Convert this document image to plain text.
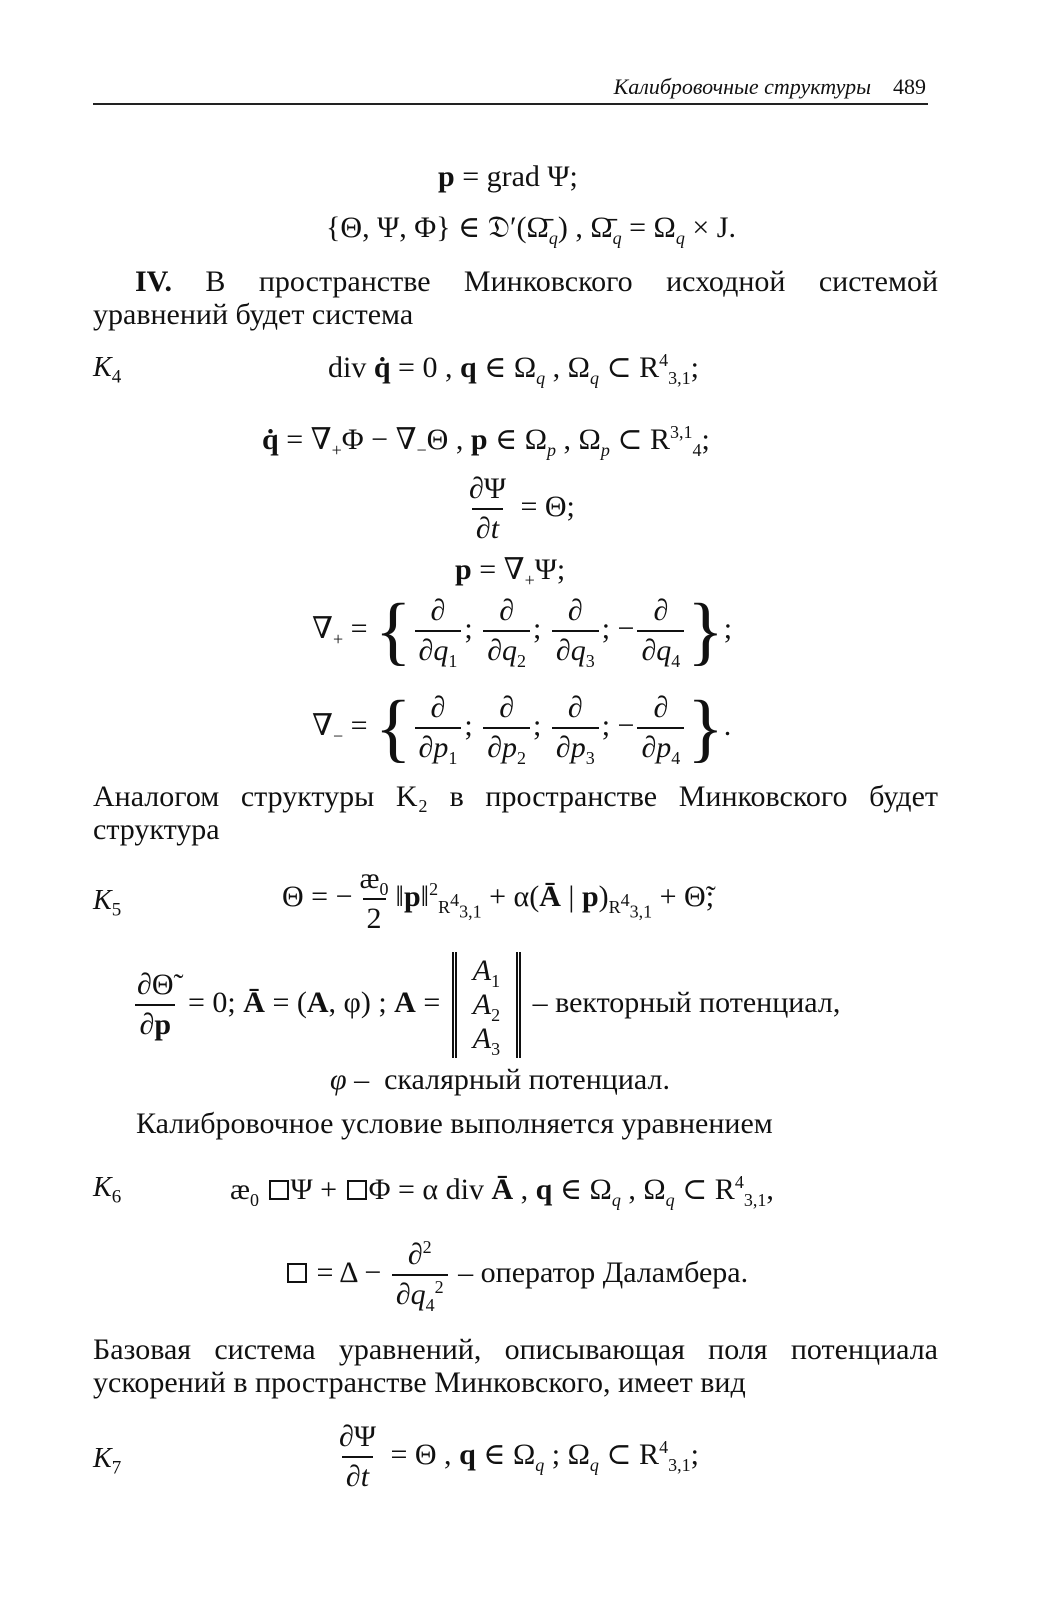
Калибровочные структуры 489
p = grad Ψ;
{Θ, Ψ, Φ} ∈ $𝔇'(\Omegā_q)$ , $\Omegā_q = \Omega_q \times J$.
IV. В пространстве Минковского исходной системой уравнений будет система
$K_4$	div q̇ = 0 , q ∈ $\Omega_q$ , $\Omega_q$ ⊂ $R^4_{3,1}$;
q̇ = $\nabla_+\Phi - \nabla_-\Theta$ , p ∈ $\Omega_p$ , $\Omega_p$ ⊂ R$^{3,1}_4$;
$\frac{\partial\Psi}{\partial t} = \Theta$;
$p = \nabla_+\Psi$;
$\nabla_+$ = { $\frac{\partial}{\partial q_1}$ ; $\frac{\partial}{\partial q_2}$ ; $\frac{\partial}{\partial q_3}$ ; − $\frac{\partial}{\partial q_4}$ };
$\nabla_-$ = { $\frac{\partial}{\partial p_1}$ ; $\frac{\partial}{\partial p_2}$ ; $\frac{\partial}{\partial p_3}$ ; − $\frac{\partial}{\partial p_4}$ }.
Аналогом структуры K₂ в пространстве Минковского будет структура
$K_5$	Θ = − $\frac{æ_0}{2}$ ‖p‖$^2_{R^4_{3,1}}$ + α(Ā | $p)_{R^4_{3,1}}$ + Θ̃;
$\frac{\partial\Thetã}{\partial p} = 0$; Ā = (A, φ) ; A =
$A_1$
$A_2$
$A_3$
– векторный потенциал,
φ – скалярный потенциал.
Калибровочное условие выполняется уравнением
$K_6$	$æ_0$ Ψ + Φ = α div Ā , q ∈ $\Omega_q$ , $\Omega_q$ ⊂ $R^4_{3,1}$,
= $\Delta - \frac{\partial^2}{\partial q_4^2}$ – оператор Даламбера.
Базовая система уравнений, описывающая поля потенциала ускорений в пространстве Минковского, имеет вид
$K_7$	$\frac{\partial\Psi}{\partial t} = \Theta$ , q ∈ $\Omega_q$ ; $\Omega_q$ ⊂ $R^4_{3,1}$;
